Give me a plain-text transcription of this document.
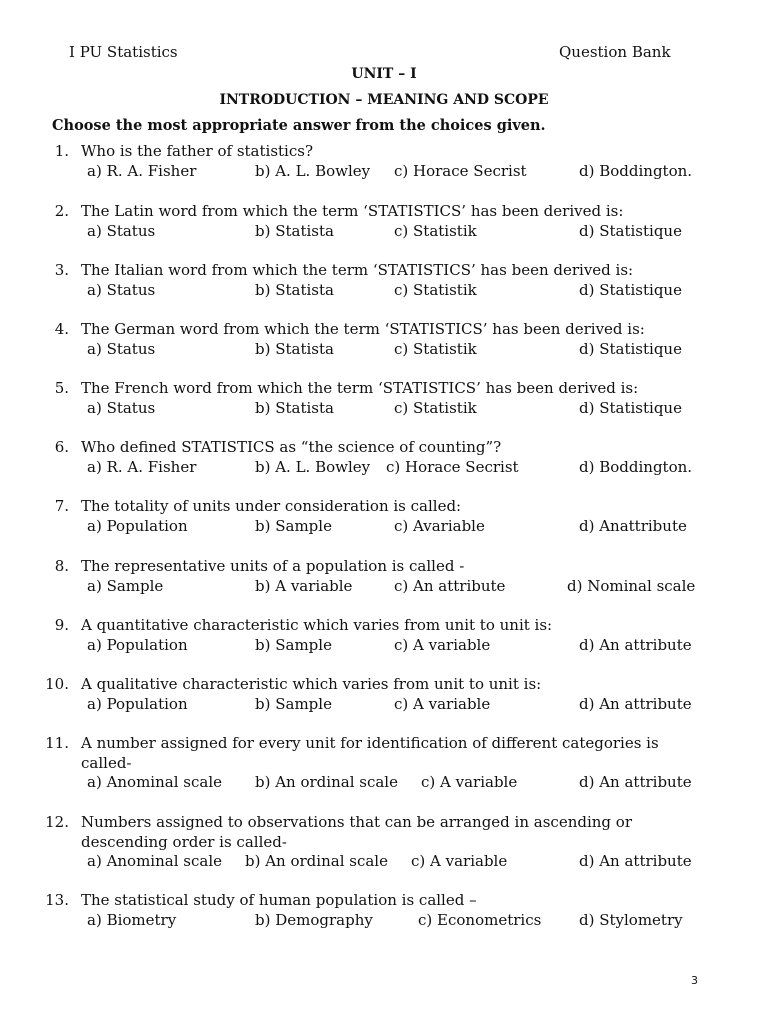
I PU Statistics	Question Bank
UNIT – I
INTRODUCTION – MEANING AND SCOPE
Choose the most appropriate answer from the choices given.
1. Who is the father of statistics?
a) R. A. Fisher	b) A. L. Bowley c) Horace Secrist	d) Boddington.
2. The Latin word from which the term ‘STATISTICS’ has been derived is:
a) Status	b) Statista	c) Statistik	d) Statistique
3. The Italian word from which the term ‘STATISTICS’ has been derived is:
a) Status	b) Statista	c) Statistik	d) Statistique
4. The German word from which the term ‘STATISTICS’ has been derived is:
a) Status	b) Statista	c) Statistik	d) Statistique
5. The French word from which the term ‘STATISTICS’ has been derived is:
a) Status	b) Statista	c) Statistik	d) Statistique
6. Who defined STATISTICS as “the science of counting”?
a) R. A. Fisher	b) A. L. Bowley c) Horace Secrist	d) Boddington.
7. The totality of units under consideration is called:
a) Population	b) Sample	c) Avariable	d) Anattribute
8. The representative units of a population is called -
a) Sample	b) A variable	c) An attribute	d) Nominal scale
9. A quantitative characteristic which varies from unit to unit is:
a) Population	b) Sample	c) A variable	d) An attribute
10. A qualitative characteristic which varies from unit to unit is:
a) Population	b) Sample	c) A variable	d) An attribute
11. A number assigned for every unit for identification of different categories is
called-
a) Anominal scale b) An ordinal scale c) A variable	d) An attribute
12. Numbers assigned to observations that can be arranged in ascending or
descending order is called-
a) Anominal scale b) An ordinal scale c) A variable	d) An attribute
13. The statistical study of human population is called –
a) Biometry	b) Demography	c) Econometrics	d) Stylometry
3
